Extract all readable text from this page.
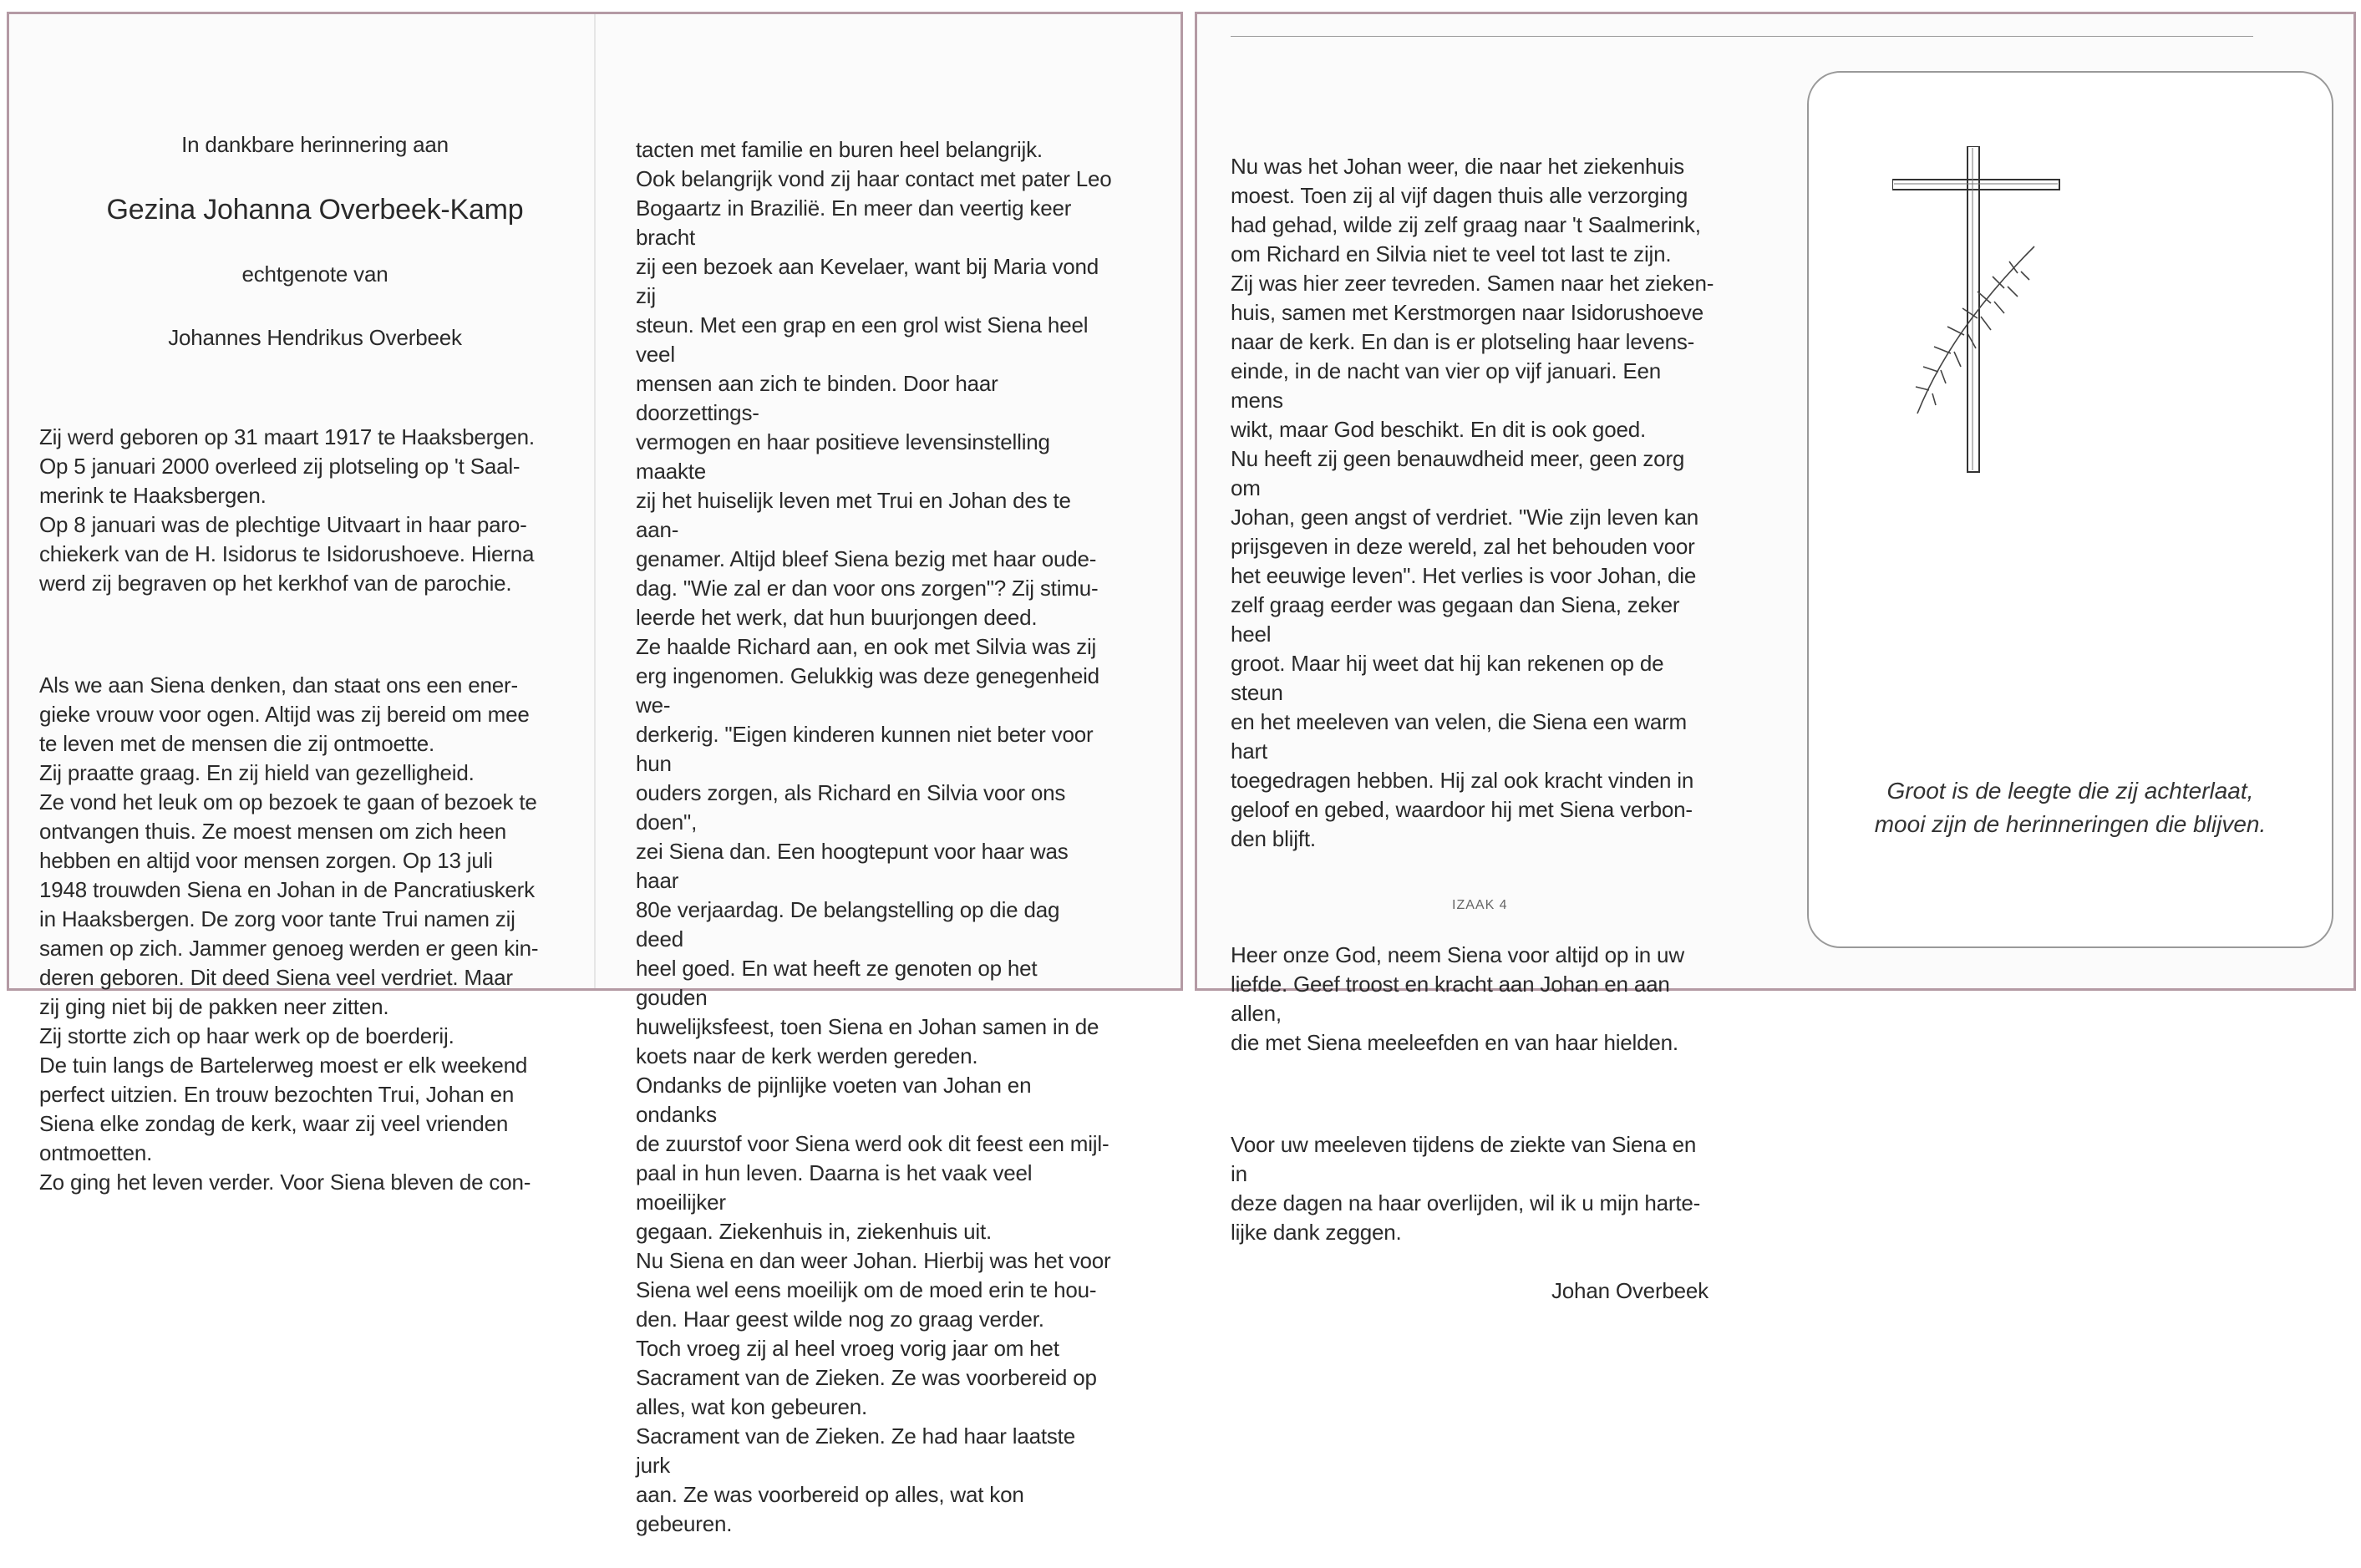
In dankbare herinnering aan

Gezina Johanna Overbeek-Kamp

echtgenote van

Johannes Hendrikus Overbeek

Zij werd geboren op 31 maart 1917 te Haaksbergen.
Op 5 januari 2000 overleed zij plotseling op 't Saal-
merink te Haaksbergen.
Op 8 januari was de plechtige Uitvaart in haar paro-
chiekerk van de H. Isidorus te Isidorushoeve. Hierna
werd zij begraven op het kerkhof van de parochie.

Als we aan Siena denken, dan staat ons een ener-
gieke vrouw voor ogen. Altijd was zij bereid om mee
te leven met de mensen die zij ontmoette.
Zij praatte graag. En zij hield van gezelligheid.
Ze vond het leuk om op bezoek te gaan of bezoek te
ontvangen thuis. Ze moest mensen om zich heen
hebben en altijd voor mensen zorgen. Op 13 juli
1948 trouwden Siena en Johan in de Pancratiuskerk
in Haaksbergen. De zorg voor tante Trui namen zij
samen op zich. Jammer genoeg werden er geen kin-
deren geboren. Dit deed Siena veel verdriet. Maar
zij ging niet bij de pakken neer zitten.
Zij stortte zich op haar werk op de boerderij.
De tuin langs de Bartelerweg moest er elk weekend
perfect uitzien. En trouw bezochten Trui, Johan en
Siena elke zondag de kerk, waar zij veel vrienden
ontmoetten.
Zo ging het leven verder. Voor Siena bleven de con-

tacten met familie en buren heel belangrijk.
Ook belangrijk vond zij haar contact met pater Leo
Bogaartz in Brazilië. En meer dan veertig keer bracht
zij een bezoek aan Kevelaer, want bij Maria vond zij
steun. Met een grap en een grol wist Siena heel veel
mensen aan zich te binden. Door haar doorzettings-
vermogen en haar positieve levensinstelling maakte
zij het huiselijk leven met Trui en Johan des te aan-
genamer. Altijd bleef Siena bezig met haar oude-
dag. "Wie zal er dan voor ons zorgen"? Zij stimu-
leerde het werk, dat hun buurjongen deed.
Ze haalde Richard aan, en ook met Silvia was zij
erg ingenomen. Gelukkig was deze genegenheid we-
derkerig. "Eigen kinderen kunnen niet beter voor hun
ouders zorgen, als Richard en Silvia voor ons doen",
zei Siena dan. Een hoogtepunt voor haar was haar
80e verjaardag. De belangstelling op die dag deed
heel goed. En wat heeft ze genoten op het gouden
huwelijksfeest, toen Siena en Johan samen in de
koets naar de kerk werden gereden.
Ondanks de pijnlijke voeten van Johan en ondanks
de zuurstof voor Siena werd ook dit feest een mijl-
paal in hun leven. Daarna is het vaak veel moeilijker
gegaan. Ziekenhuis in, ziekenhuis uit.
Nu Siena en dan weer Johan. Hierbij was het voor
Siena wel eens moeilijk om de moed erin te hou-
den. Haar geest wilde nog zo graag verder.
Toch vroeg zij al heel vroeg vorig jaar om het
Sacrament van de Zieken. Ze was voorbereid op alles, wat kon gebeuren.
Sacrament van de Zieken. Ze had haar laatste jurk
aan. Ze was voorbereid op alles, wat kon gebeuren.

Nu was het Johan weer, die naar het ziekenhuis
moest. Toen zij al vijf dagen thuis alle verzorging
had gehad, wilde zij zelf graag naar 't Saalmerink,
om Richard en Silvia niet te veel tot last te zijn.
Zij was hier zeer tevreden. Samen naar het zieken-
huis, samen met Kerstmorgen naar Isidorushoeve
naar de kerk. En dan is er plotseling haar levens-
einde, in de nacht van vier op vijf januari. Een mens
wikt, maar God beschikt. En dit is ook goed.
Nu heeft zij geen benauwdheid meer, geen zorg om
Johan, geen angst of verdriet. "Wie zijn leven kan
prijsgeven in deze wereld, zal het behouden voor
het eeuwige leven". Het verlies is voor Johan, die
zelf graag eerder was gegaan dan Siena, zeker heel
groot. Maar hij weet dat hij kan rekenen op de steun
en het meeleven van velen, die Siena een warm hart
toegedragen hebben. Hij zal ook kracht vinden in
geloof en gebed, waardoor hij met Siena verbon-
den blijft.

Heer onze God, neem Siena voor altijd op in uw
liefde. Geef troost en kracht aan Johan en aan allen,
die met Siena meeleefden en van haar hielden.

Voor uw meeleven tijdens de ziekte van Siena en in
deze dagen na haar overlijden, wil ik u mijn harte-
lijke dank zeggen.

Johan Overbeek

IZAAK 4
Groot is de leegte die zij achterlaat,
mooi zijn de herinneringen die blijven.
